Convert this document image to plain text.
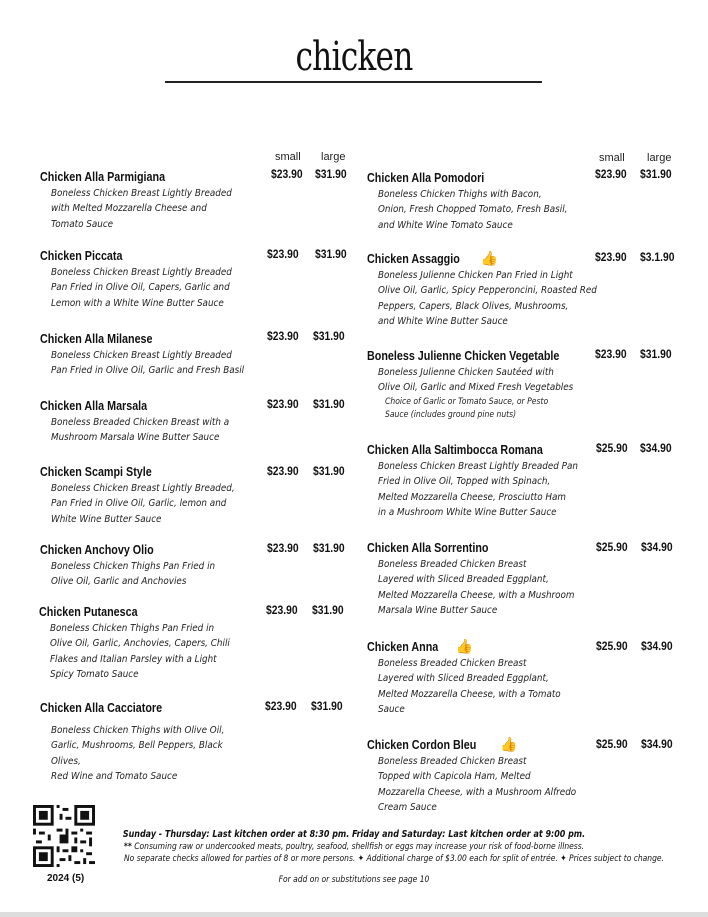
chicken
small large	small large
Chicken Alla Parmigiana
Boneless Chicken Breast Lightly Breaded
with Melted Mozzarella Cheese and
Tomato Sauce
$23.90 $31.90
Chicken Piccata
Boneless Chicken Breast Lightly Breaded
Pan Fried in Olive Oil, Capers, Garlic and
Lemon with a White Wine Butter Sauce
$23.90 $31.90
Chicken Alla Milanese
Boneless Chicken Breast Lightly Breaded
Pan Fried in Olive Oil, Garlic and Fresh Basil
$23.90 $31.90
Chicken Alla Marsala
Boneless Breaded Chicken Breast with a
Mushroom Marsala Wine Butter Sauce
$23.90 $31.90
Chicken Scampi Style
Boneless Chicken Breast Lightly Breaded,
Pan Fried in Olive Oil, Garlic, lemon and
White Wine Butter Sauce
$23.90 $31.90
Chicken Anchovy Olio
Boneless Chicken Thighs Pan Fried in
Olive Oil, Garlic and Anchovies
$23.90 $31.90
Chicken Putanesca
Boneless Chicken Thighs Pan Fried in
Olive Oil, Garlic, Anchovies, Capers, Chili
Flakes and Italian Parsley with a Light
Spicy Tomato Sauce
$23.90 $31.90
Chicken Alla Cacciatore
Boneless Chicken Thighs with Olive Oil,
Garlic, Mushrooms, Bell Peppers, Black Olives,
Red Wine and Tomato Sauce
$23.90 $31.90
Chicken Alla Pomodori
Boneless Chicken Thighs with Bacon,
Onion, Fresh Chopped Tomato, Fresh Basil,
and White Wine Tomato Sauce
$23.90 $31.90
Chicken Assaggio 👍
Boneless Julienne Chicken Pan Fried in Light
Olive Oil, Garlic, Spicy Pepperoncini, Roasted Red
Peppers, Capers, Black Olives, Mushrooms,
and White Wine Butter Sauce
$23.90 $3.1.90
Boneless Julienne Chicken Vegetable
Boneless Julienne Chicken Sautéed with
Olive Oil, Garlic and Mixed Fresh Vegetables
Choice of Garlic or Tomato Sauce, or Pesto
Sauce (includes ground pine nuts)
$23.90 $31.90
Chicken Alla Saltimbocca Romana
Boneless Chicken Breast Lightly Breaded Pan
Fried in Olive Oil, Topped with Spinach,
Melted Mozzarella Cheese, Prosciutto Ham
in a Mushroom White Wine Butter Sauce
$25.90 $34.90
Chicken Alla Sorrentino
Boneless Breaded Chicken Breast
Layered with Sliced Breaded Eggplant,
Melted Mozzarella Cheese, with a Mushroom
Marsala Wine Butter Sauce
$25.90 $34.90
Chicken Anna 👍
Boneless Breaded Chicken Breast
Layered with Sliced Breaded Eggplant,
Melted Mozzarella Cheese, with a Tomato
Sauce
$25.90 $34.90
Chicken Cordon Bleu 👍
Boneless Breaded Chicken Breast
Topped with Capicola Ham, Melted
Mozzarella Cheese, with a Mushroom Alfredo
Cream Sauce
$25.90 $34.90
2024 (5)
Sunday - Thursday: Last kitchen order at 8:30 pm. Friday and Saturday: Last kitchen order at 9:00 pm.
** Consuming raw or undercooked meats, poultry, seafood, shellfish or eggs may increase your risk of food-borne illness.
No separate checks allowed for parties of 8 or more persons. ✦ Additional charge of $3.00 each for split of entrée. ✦ Prices subject to change.
For add on or substitutions see page 10
